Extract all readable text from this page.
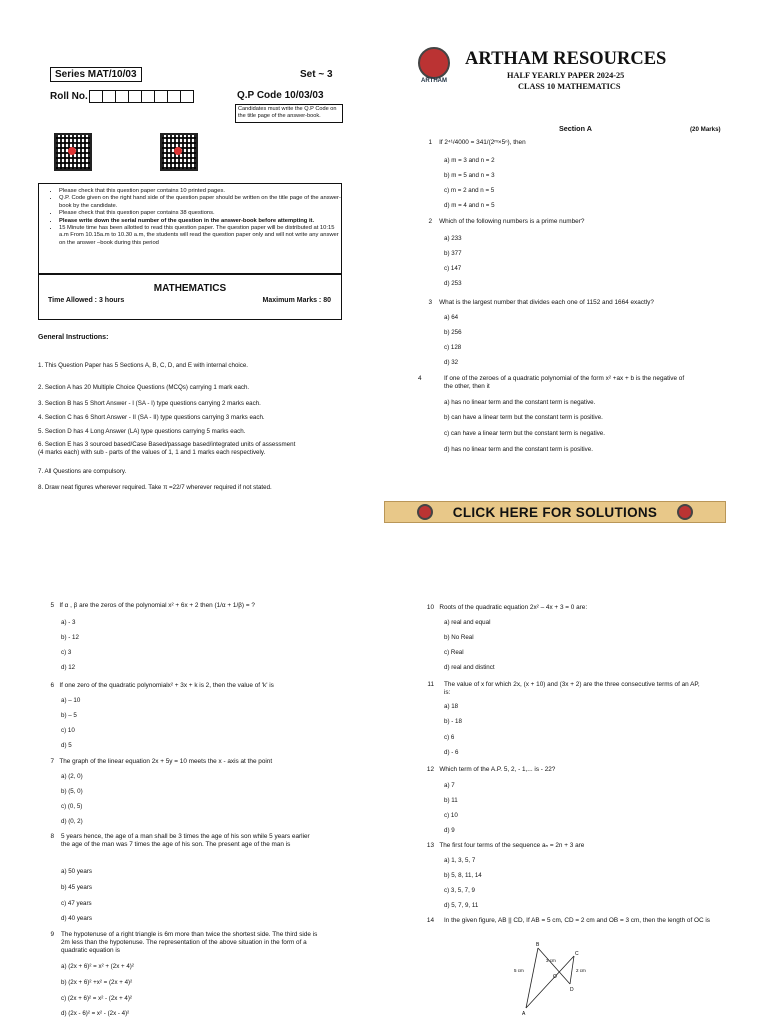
Series MAT/10/03	Set ~ 3
Roll No.	Q.P Code 10/03/03
Candidates must write the Q.P Code on the title page of the answer-book.
• Please check that this question paper contains 10 printed pages.
• Q.P. Code given on the right hand side of the question paper should be written on the title page of the answer-book by the candidate.
• Please check that this question paper contains 38 questions.
• Please write down the serial number of the question in the answer-book before attempting it.
• 15 Minute time has been allotted to read this question paper. The question paper will be distributed at 10:15 a.m From 10.15a.m to 10.30 a.m, the students will read the question paper only and will not write any answer on the answer –book during this period
MATHEMATICS
Time Allowed : 3 hours	Maximum Marks : 80
General Instructions:
1. This Question Paper has 5 Sections A, B, C, D, and E with internal choice.
2. Section A has 20 Multiple Choice Questions (MCQs) carrying 1 mark each.
3. Section B has 5 Short Answer - I (SA - I) type questions carrying 2 marks each.
4. Section C has 6 Short Answer - II (SA - II) type questions carrying 3 marks each.
5. Section D has 4 Long Answer (LA) type questions carrying 5 marks each.
6. Section E has 3 sourced based/Case Based/passage based/integrated units of assessment (4 marks each) with sub - parts of the values of 1, 1 and 1 marks each respectively.
7. All Questions are compulsory.
8. Draw neat figures wherever required. Take π =22/7 wherever required if not stated.
ARTHAM
ARTHAM RESOURCES
HALF YEARLY PAPER 2024-25
CLASS 10 MATHEMATICS
Section A	(20 Marks)
1 If 2⁴¹/4000 = 341/(2ᵐ×5ⁿ), then
a) m = 3 and n = 2
b) m = 5 and n = 3
c) m = 2 and n = 5
d) m = 4 and n = 5
2 Which of the following numbers is a prime number?
a) 233
b) 377
c) 147
d) 253
3 What is the largest number that divides each one of 1152 and 1664 exactly?
a) 64
b) 256
c) 128
d) 32
4	If one of the zeroes of a quadratic polynomial of the form x² +ax + b is the negative of the other, then it
a) has no linear term and the constant term is negative.
b) can have a linear term but the constant term is positive.
c) can have a linear term but the constant term is negative.
d) has no linear term and the constant term is positive.
CLICK HERE FOR SOLUTIONS
5 If α , β are the zeros of the polynomial x² + 6x + 2 then (1/α + 1/β) = ?
a) - 3
b) - 12
c) 3
d) 12
6 If one zero of the quadratic polynomialx² + 3x + k is 2, then the value of 'k' is
a) – 10
b) – 5
c) 10
d) 5
7 The graph of the linear equation 2x + 5y = 10 meets the x - axis at the point
a) (2, 0)
b) (5, 0)
c) (0, 5)
d) (0, 2)
8	5 years hence, the age of a man shall be 3 times the age of his son while 5 years earlier the age of the man was 7 times the age of his son. The present age of the man is
a) 50 years
b) 45 years
c) 47 years
d) 40 years
9	The hypotenuse of a right triangle is 6m more than twice the shortest side. The third side is 2m less than the hypotenuse. The representation of the above situation in the form of a quadratic equation is
a) (2x + 6)² = x² + (2x + 4)²
b) (2x + 6)² +x² = (2x + 4)²
c) (2x + 6)² = x² - (2x + 4)²
d) (2x - 6)² = x² - (2x - 4)²
10 Roots of the quadratic equation 2x² – 4x + 3 = 0 are:
a) real and equal
b) No Real
c) Real
d) real and distinct
11	The value of x for which 2x, (x + 10) and (3x + 2) are the three consecutive terms of an AP, is:
a) 18
b) - 18
c) 6
d) - 6
12 Which term of the A.P. 5, 2, - 1,... is - 22?
a) 7
b) 11
c) 10
d) 9
13 The first four terms of the sequence aₙ = 2n + 3 are
a) 1, 3, 5, 7
b) 5, 8, 11, 14
c) 3, 5, 7, 9
d) 5, 7, 9, 11
14	In the given figure, AB || CD, If AB = 5 cm, CD = 2 cm and OB = 3 cm, then the length of OC is
B
A
C
D
O
5 cm
3 cm
2 cm
